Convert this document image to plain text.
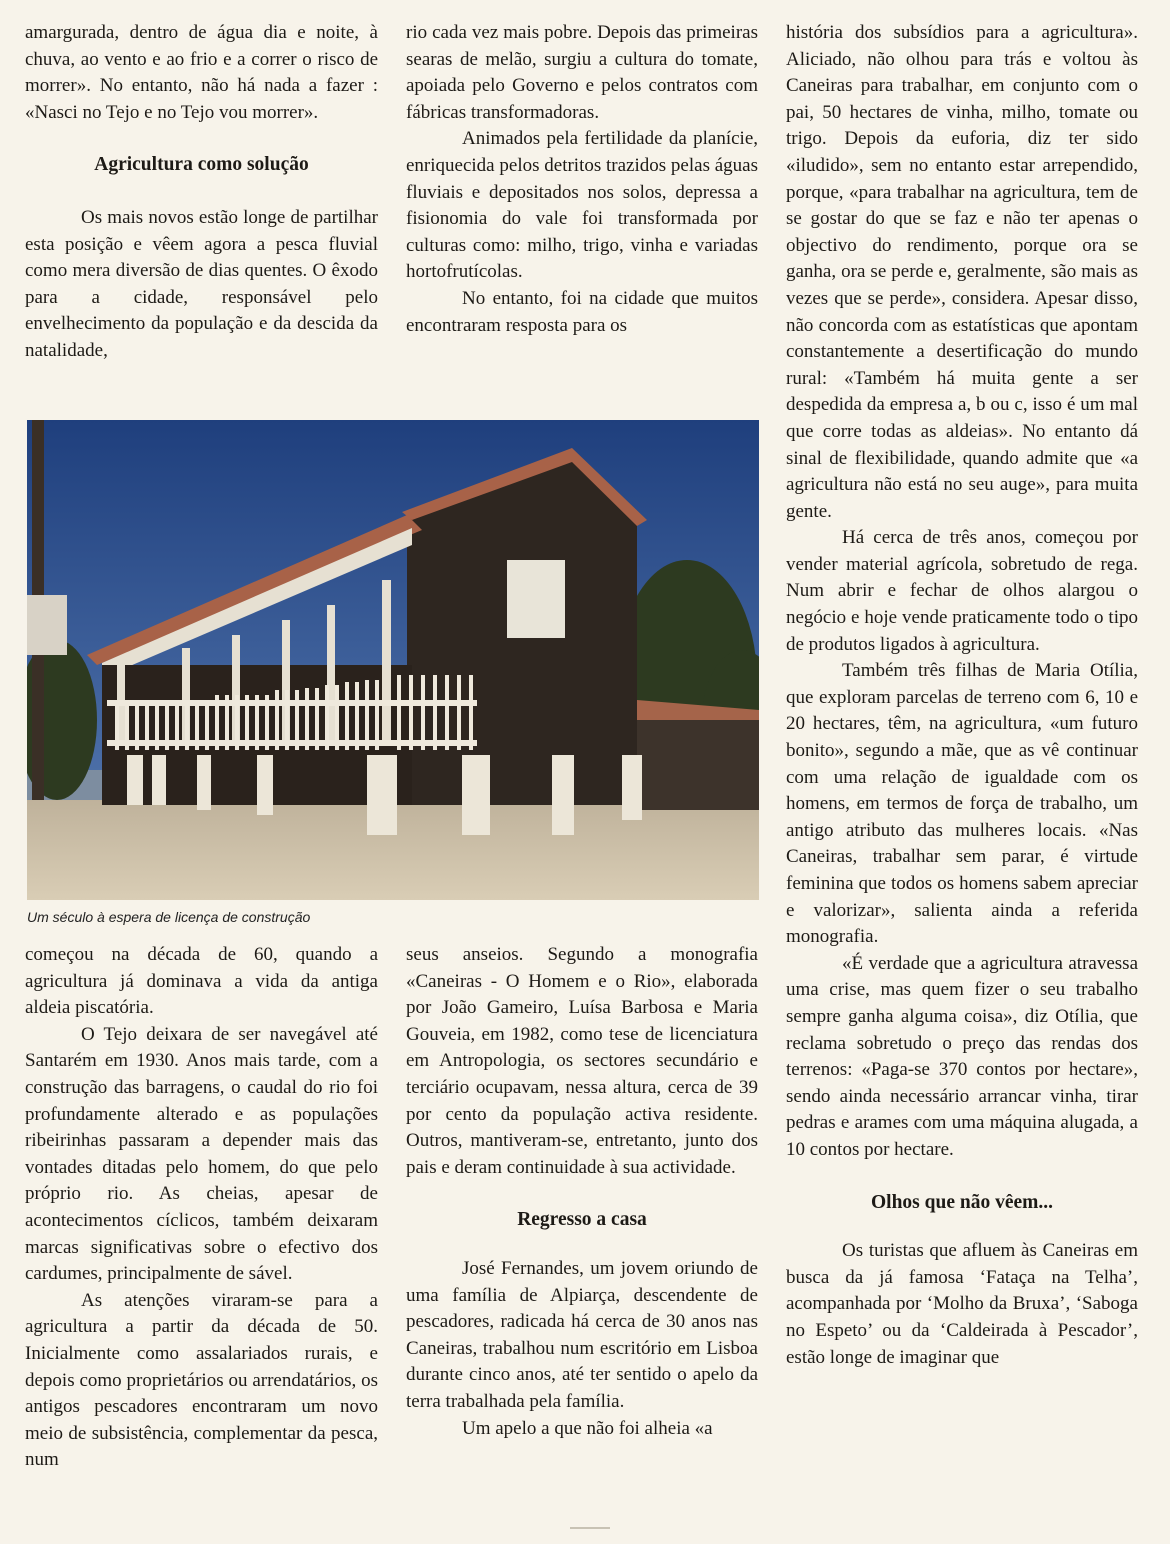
amargurada, dentro de água dia e noite, à chuva, ao vento e ao frio e a correr o risco de morrer». No entanto, não há nada a fazer : «Nasci no Tejo e no Tejo vou morrer».

Agricultura como solução

Os mais novos estão longe de partilhar esta posição e vêem agora a pesca fluvial como mera diversão de dias quentes. O êxodo para a cidade, responsável pelo envelhecimento da população e da descida da natalidade,

rio cada vez mais pobre. Depois das primeiras searas de melão, surgiu a cultura do tomate, apoiada pelo Governo e pelos contratos com fábricas transformadoras.

Animados pela fertilidade da planície, enriquecida pelos detritos trazidos pelas águas fluviais e depositados nos solos, depressa a fisionomia do vale foi transformada por culturas como: milho, trigo, vinha e variadas hortofrutícolas.

No entanto, foi na cidade que muitos encontraram resposta para os

Um século à espera de licença de construção

começou na década de 60, quando a agricultura já dominava a vida da antiga aldeia piscatória.

O Tejo deixara de ser navegável até Santarém em 1930. Anos mais tarde, com a construção das barragens, o caudal do rio foi profundamente alterado e as populações ribeirinhas passaram a depender mais das vontades ditadas pelo homem, do que pelo próprio rio. As cheias, apesar de acontecimentos cíclicos, também deixaram marcas significativas sobre o efectivo dos cardumes, principalmente de sável.

As atenções viraram-se para a agricultura a partir da década de 50. Inicialmente como assalariados rurais, e depois como proprietários ou arrendatários, os antigos pescadores encontraram um novo meio de subsistência, complementar da pesca, num

seus anseios. Segundo a monografia «Caneiras - O Homem e o Rio», elaborada por João Gameiro, Luísa Barbosa e Maria Gouveia, em 1982, como tese de licenciatura em Antropologia, os sectores secundário e terciário ocupavam, nessa altura, cerca de 39 por cento da população activa residente. Outros, mantiveram-se, entretanto, junto dos pais e deram continuidade à sua actividade.

Regresso a casa

José Fernandes, um jovem oriundo de uma família de Alpiarça, descendente de pescadores, radicada há cerca de 30 anos nas Caneiras, trabalhou num escritório em Lisboa durante cinco anos, até ter sentido o apelo da terra trabalhada pela família.

Um apelo a que não foi alheia «a

história dos subsídios para a agricultura». Aliciado, não olhou para trás e voltou às Caneiras para trabalhar, em conjunto com o pai, 50 hectares de vinha, milho, tomate ou trigo. Depois da euforia, diz ter sido «iludido», sem no entanto estar arrependido, porque, «para trabalhar na agricultura, tem de se gostar do que se faz e não ter apenas o objectivo do rendimento, porque ora se ganha, ora se perde e, geralmente, são mais as vezes que se perde», considera. Apesar disso, não concorda com as estatísticas que apontam constantemente a desertificação do mundo rural: «Também há muita gente a ser despedida da empresa a, b ou c, isso é um mal que corre todas as aldeias». No entanto dá sinal de flexibilidade, quando admite que «a agricultura não está no seu auge», para muita gente.

Há cerca de três anos, começou por vender material agrícola, sobretudo de rega. Num abrir e fechar de olhos alargou o negócio e hoje vende praticamente todo o tipo de produtos ligados à agricultura.

Também três filhas de Maria Otília, que exploram parcelas de terreno com 6, 10 e 20 hectares, têm, na agricultura, «um futuro bonito», segundo a mãe, que as vê continuar com uma relação de igualdade com os homens, em termos de força de trabalho, um antigo atributo das mulheres locais. «Nas Caneiras, trabalhar sem parar, é virtude feminina que todos os homens sabem apreciar e valorizar», salienta ainda a referida monografia.

«É verdade que a agricultura atravessa uma crise, mas quem fizer o seu trabalho sempre ganha alguma coisa», diz Otília, que reclama sobretudo o preço das rendas dos terrenos: «Paga-se 370 contos por hectare», sendo ainda necessário arrancar vinha, tirar pedras e arames com uma máquina alugada, a 10 contos por hectare.

Olhos que não vêem...

Os turistas que afluem às Caneiras em busca da já famosa ‘Fataça na Telha’, acompanhada por ‘Molho da Bruxa’, ‘Saboga no Espeto’ ou da ‘Caldeirada à Pescador’, estão longe de imaginar que
